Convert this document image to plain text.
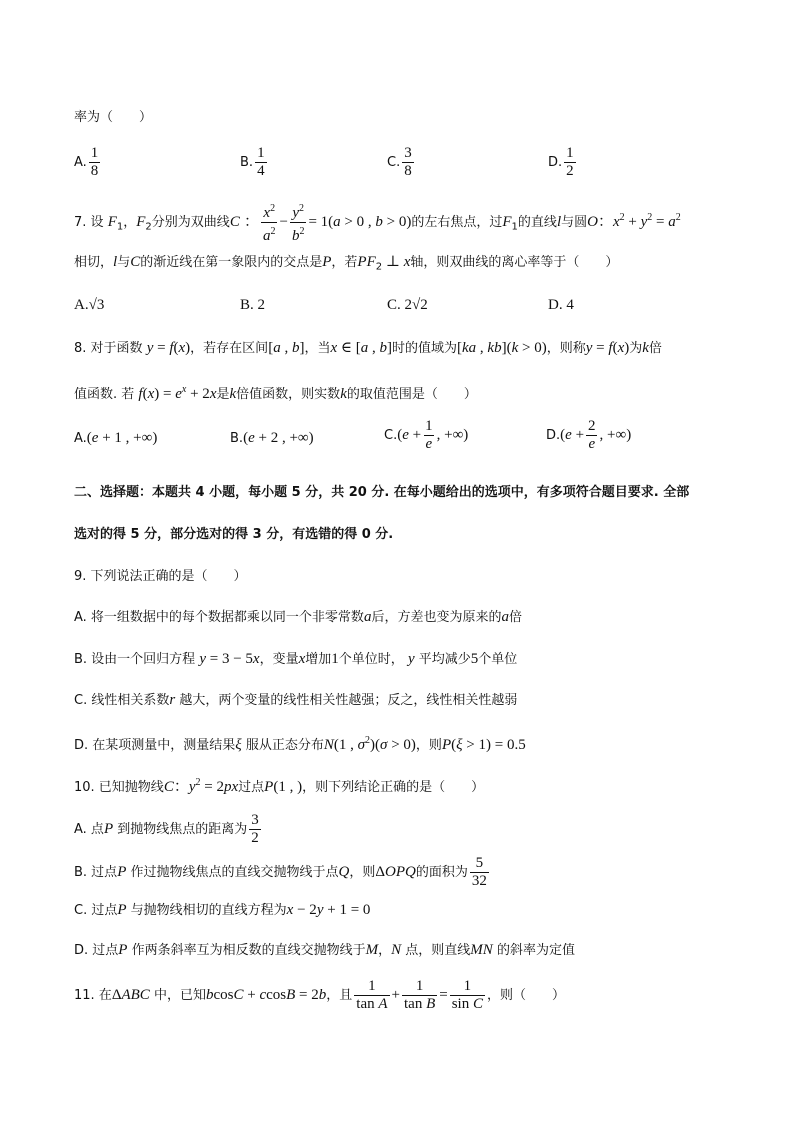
率为（　　）
A. $\frac{1}{8}$	B. $\frac{1}{4}$	C. $\frac{3}{8}$	D. $\frac{1}{2}$
7. 设 $F_1$，$F_2$分别为双曲线C ： $\frac{x^2}{a^2} - \frac{y^2}{b^2} = 1(a > 0$ , b > 0)的左右焦点，过$F_1$的直线l与圆O：$x^2 + y^2 = a^2$
相切，l与C的渐近线在第一象限内的交点是P，若$PF_2$ ⊥ x轴，则双曲线的离心率等于（　　）
A.√3	B. 2	C. 2√2	D. 4
8. 对于函数 y = f(x)，若存在区间[a , b]，当x ∈ [a , b]时的值域为[ka , kb](k > 0)，则称y = f(x)为k倍
值函数. 若 $f(x) = e^x + 2x$是k倍值函数，则实数k的取值范围是（　　）
A.(e + 1 , +∞)	B.(e + 2 , +∞)	$C.(e + \frac{1}{e}$ , +∞)	$D.(e + \frac{2}{e}$ , +∞)
二、选择题：本题共 4 小题，每小题 5 分，共 20 分. 在每小题给出的选项中，有多项符合题目要求. 全部
选对的得 5 分，部分选对的得 3 分，有选错的得 0 分.
9. 下列说法正确的是（　　）
A. 将一组数据中的每个数据都乘以同一个非零常数a后，方差也变为原来的a倍
B. 设由一个回归方程 y = 3 − 5x，变量x增加1个单位时， y 平均减少5个单位
C. 线性相关系数r 越大，两个变量的线性相关性越强；反之，线性相关性越弱
D. 在某项测量中，测量结果ξ 服从正态分布N(1 , $\sigma^2)(\sigma > 0)$，则P(ξ > 1) = 0.5
10. 已知抛物线C：$y^2 = 2px$过点P(1 , )，则下列结论正确的是（　　）
A. 点P 到抛物线焦点的距离为 $\frac{3}{2}$
B. 过点P 作过抛物线焦点的直线交抛物线于点Q，则ΔOPQ的面积为 $\frac{5}{32}$
C. 过点P 与抛物线相切的直线方程为x − 2y + 1 = 0
D. 过点P 作两条斜率互为相反数的直线交抛物线于M，N 点，则直线MN 的斜率为定值
11. 在ΔABC 中，已知bcosC + ccosB = 2b，且 $\frac{1}{\text{tan A}} + \frac{1}{\text{tan B}} = \frac{1}{\text{sin C}}$ ，则（　　）
